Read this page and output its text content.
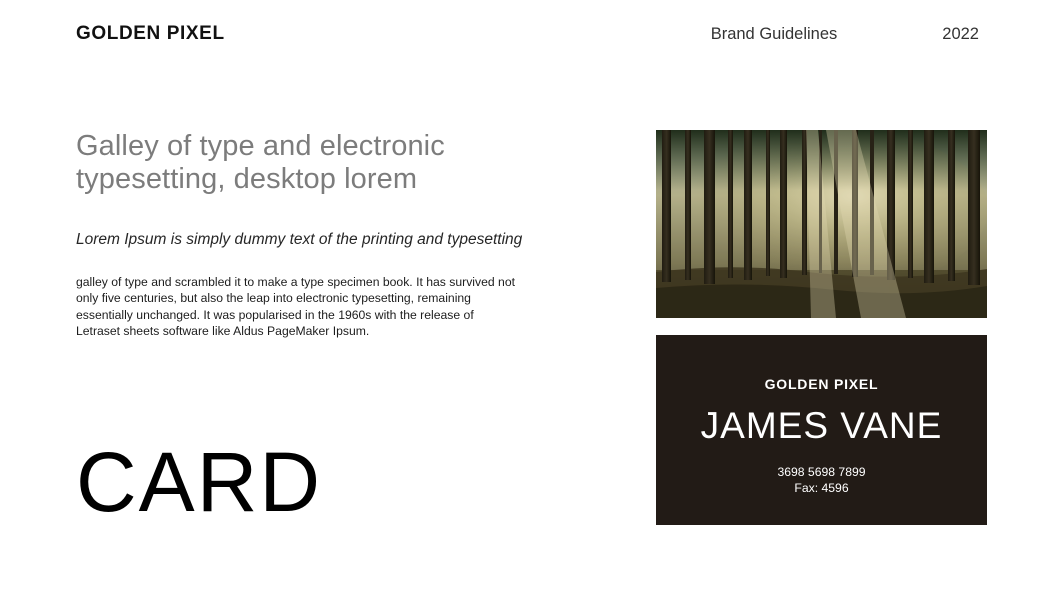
GOLDEN PIXEL	Brand Guidelines	2022
Galley of type and electronic typesetting, desktop lorem

Lorem Ipsum is simply dummy text of the printing and typesetting

galley of type and scrambled it to make a type specimen book. It has survived not only five centuries, but also the leap into electronic typesetting, remaining essentially unchanged. It was popularised in the 1960s with the release of Letraset sheets software like Aldus PageMaker Ipsum.

CARD
GOLDEN PIXEL
JAMES VANE
3698 5698 7899
Fax: 4596
